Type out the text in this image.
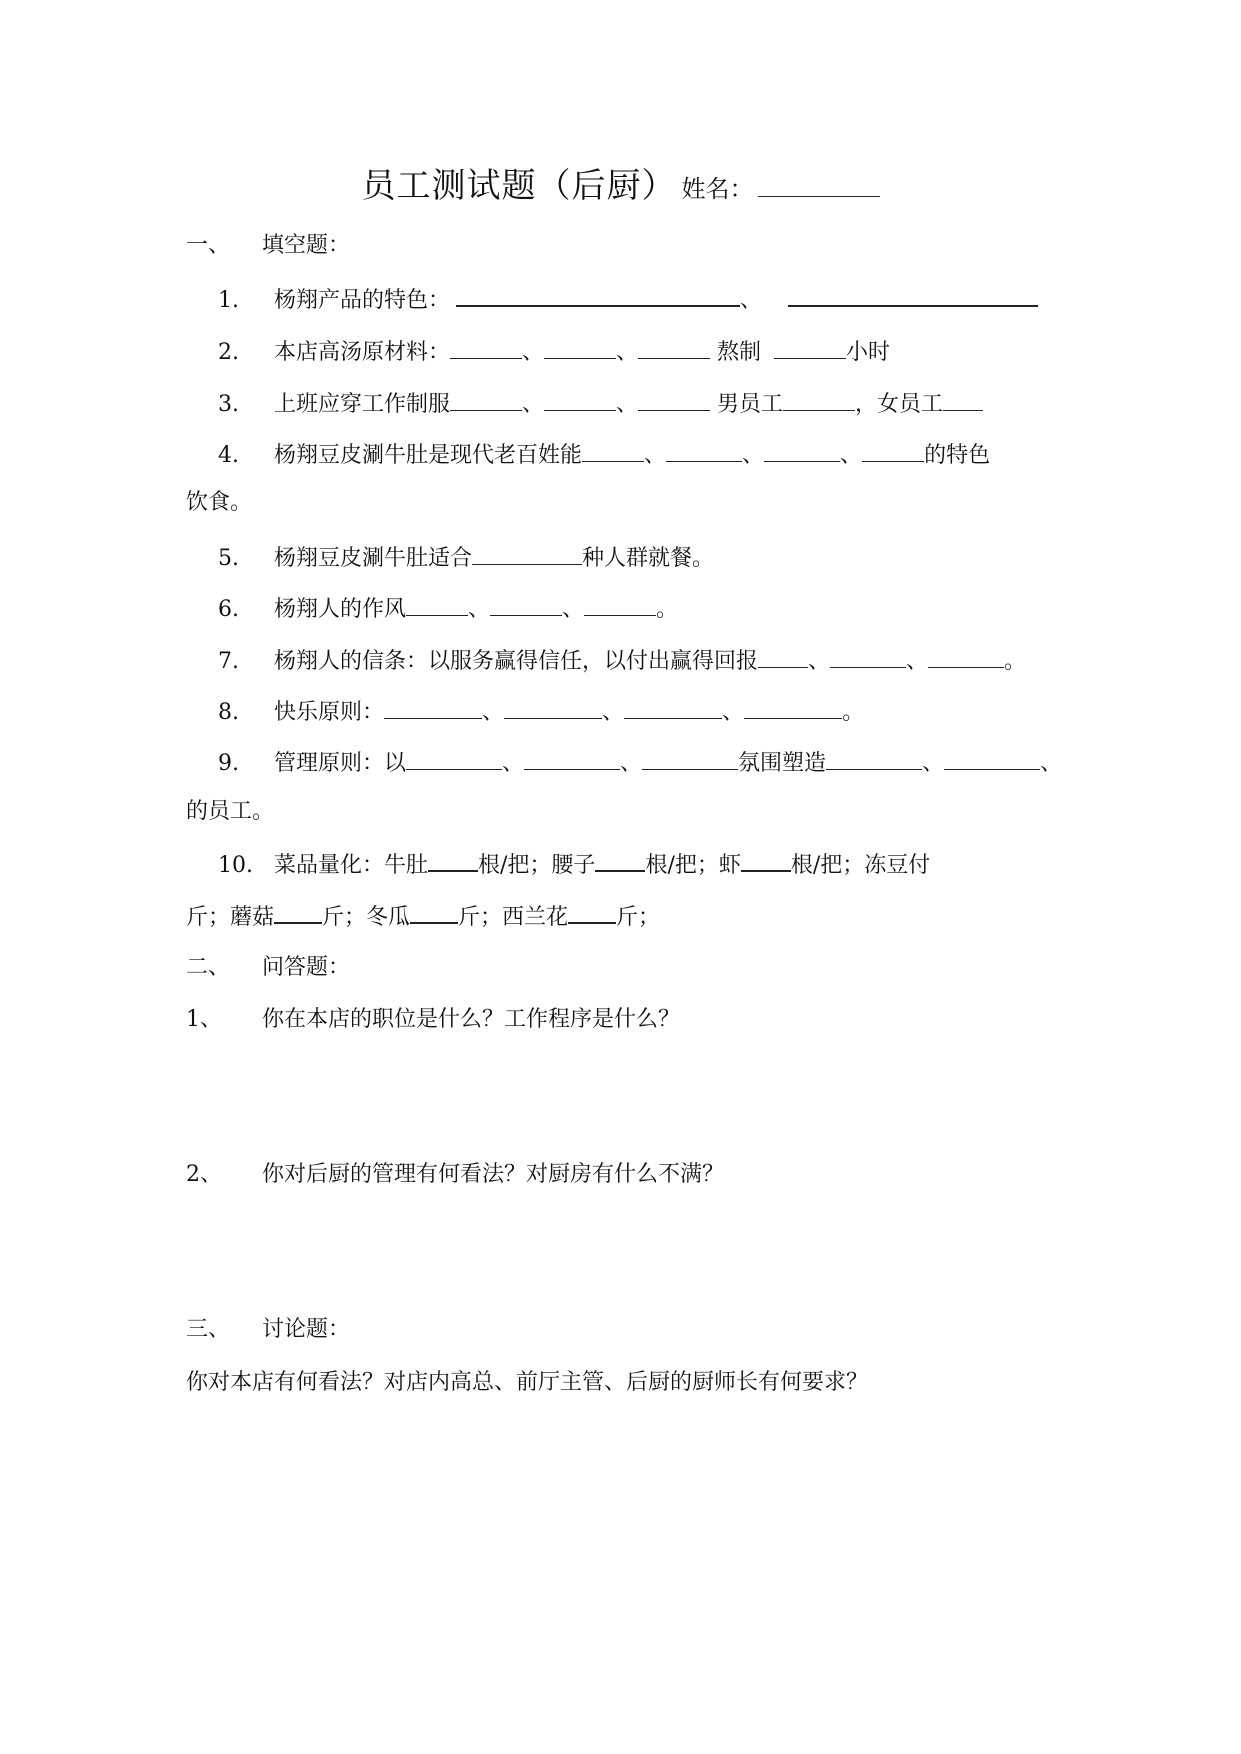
员工测试题（后厨） 姓名：
一、 填空题：
1. 杨翔产品的特色：	、
2. 本店高汤原材料：	、	、	熬制	小时
3. 上班应穿工作制服	、	、	男员工	，女员工
4. 杨翔豆皮涮牛肚是现代老百姓能	、	、	、	的特色
饮食。
5. 杨翔豆皮涮牛肚适合	种人群就餐。
6. 杨翔人的作风	、	、	。
7. 杨翔人的信条：以服务赢得信任，以付出赢得回报 、	、	。
8. 快乐原则：	、	、	、	。
9. 管理原则：以	、	、	氛围塑造	、	、
的员工。
10. 菜品量化：牛肚 根/把；腰子 根/把；虾 根/把；冻豆付
斤；蘑菇 斤；冬瓜 斤；西兰花 斤；
二、 问答题：
1、 你在本店的职位是什么？工作程序是什么？
2、 你对后厨的管理有何看法？对厨房有什么不满？
三、 讨论题：
你对本店有何看法？对店内高总、前厅主管、后厨的厨师长有何要求？
